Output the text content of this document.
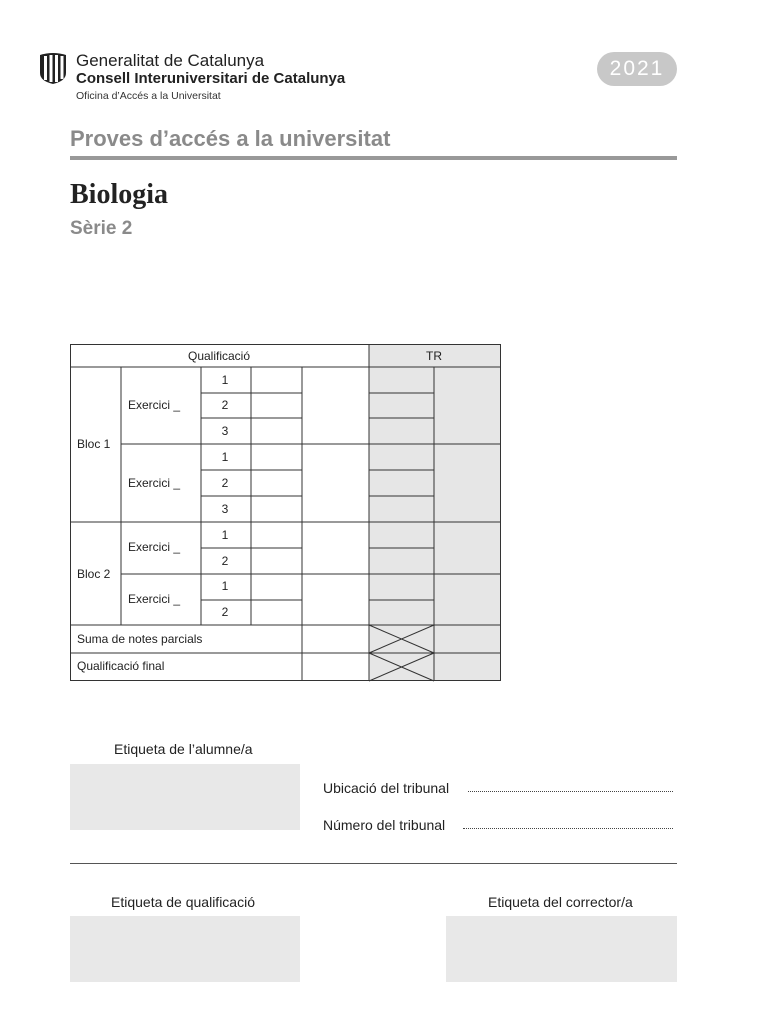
Generalitat de Catalunya
Consell Interuniversitari de Catalunya
Oficina d’Accés a la Universitat
2021
Proves d’accés a la universitat
Biologia
Sèrie 2
Qualificació	TR
Bloc 1
Bloc 2
Exercici _
Exercici _
Exercici _
Exercici _
1
2
3
1
2
3
1
2
1
2
Suma de notes parcials
Qualificació final
Etiqueta de l’alumne/a
Ubicació del tribunal
Número del tribunal
Etiqueta de qualificació	Etiqueta del corrector/a
